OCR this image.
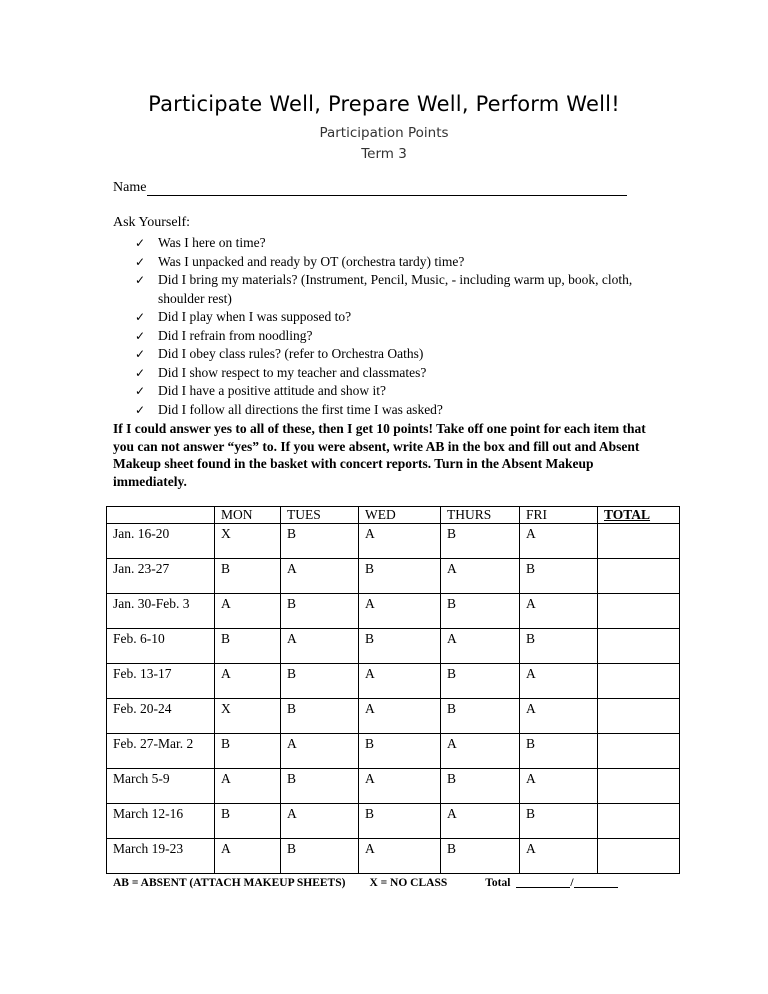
Participate Well, Prepare Well, Perform Well!
Participation Points
Term 3
Name
Ask Yourself:
✓ Was I here on time?
✓ Was I unpacked and ready by OT (orchestra tardy) time?
✓ Did I bring my materials? (Instrument, Pencil, Music, - including warm up, book, cloth, shoulder rest)
✓ Did I play when I was supposed to?
✓ Did I refrain from noodling?
✓ Did I obey class rules? (refer to Orchestra Oaths)
✓ Did I show respect to my teacher and classmates?
✓ Did I have a positive attitude and show it?
✓ Did I follow all directions the first time I was asked?
If I could answer yes to all of these, then I get 10 points! Take off one point for each item that you can not answer “yes” to. If you were absent, write AB in the box and fill out and Absent Makeup sheet found in the basket with concert reports. Turn in the Absent Makeup immediately.
	MON	TUES	WED	THURS	FRI	TOTAL
Jan. 16-20	X	B	A	B	A	
Jan. 23-27	B	A	B	A	B	
Jan. 30-Feb. 3	A	B	A	B	A	
Feb. 6-10	B	A	B	A	B	
Feb. 13-17	A	B	A	B	A	
Feb. 20-24	X	B	A	B	A	
Feb. 27-Mar. 2	B	A	B	A	B	
March 5-9	A	B	A	B	A	
March 12-16	B	A	B	A	B	
March 19-23	A	B	A	B	A	
AB = ABSENT (ATTACH MAKEUP SHEETS) X = NO CLASS	Total	/
